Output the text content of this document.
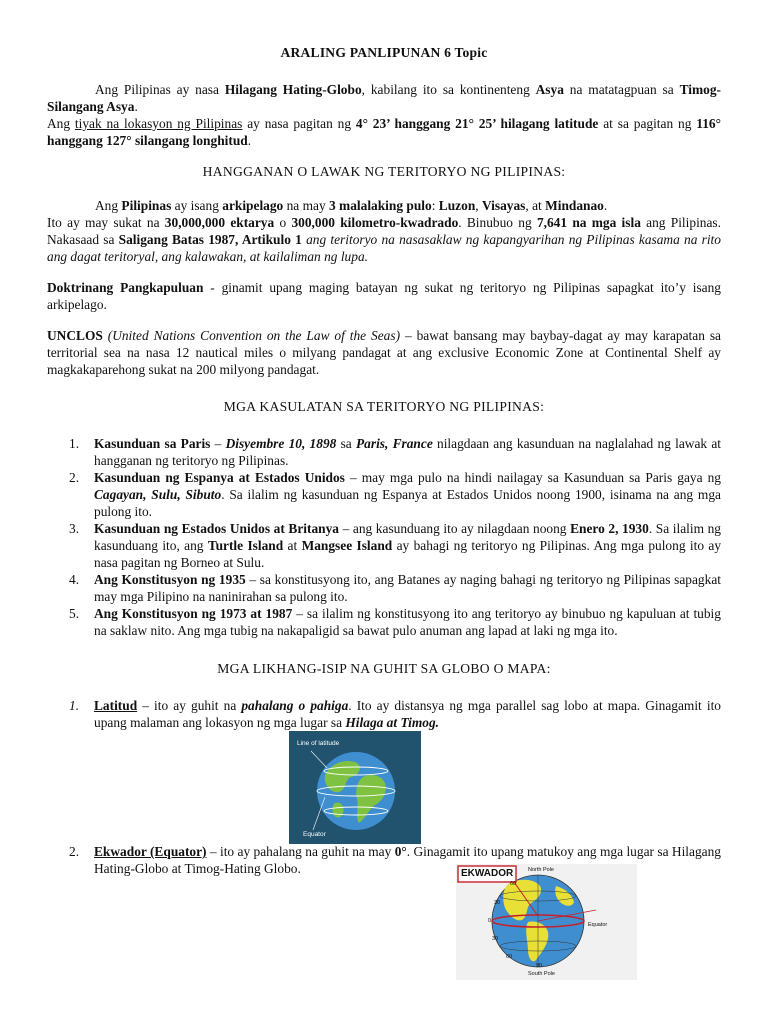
ARALING PANLIPUNAN 6 Topic

Ang Pilipinas ay nasa Hilagang Hating-Globo, kabilang ito sa kontinenteng Asya na matatagpuan sa Timog-Silangang Asya.

Ang tiyak na lokasyon ng Pilipinas ay nasa pagitan ng 4° 23’ hanggang 21° 25’ hilagang latitude at sa pagitan ng 116° hanggang 127° silangang longhitud.

HANGGANAN O LAWAK NG TERITORYO NG PILIPINAS:

Ang Pilipinas ay isang arkipelago na may 3 malalaking pulo: Luzon, Visayas, at Mindanao.

Ito ay may sukat na 30,000,000 ektarya o 300,000 kilometro-kwadrado. Binubuo ng 7,641 na mga isla ang Pilipinas. Nakasaad sa Saligang Batas 1987, Artikulo 1 ang teritoryo na nasasaklaw ng kapangyarihan ng Pilipinas kasama na rito ang dagat teritoryal, ang kalawakan, at kailaliman ng lupa.

Doktrinang Pangkapuluan - ginamit upang maging batayan ng sukat ng teritoryo ng Pilipinas sapagkat ito’y isang arkipelago.

UNCLOS (United Nations Convention on the Law of the Seas) – bawat bansang may baybay-dagat ay may karapatan sa territorial sea na nasa 12 nautical miles o milyang pandagat at ang exclusive Economic Zone at Continental Shelf ay magkakaparehong sukat na 200 milyong pandagat.

MGA KASULATAN SA TERITORYO NG PILIPINAS:
1. Kasunduan sa Paris – Disyembre 10, 1898 sa Paris, France nilagdaan ang kasunduan na naglalahad ng lawak at hangganan ng teritoryo ng Pilipinas.
2. Kasunduan ng Espanya at Estados Unidos – may mga pulo na hindi nailagay sa Kasunduan sa Paris gaya ng Cagayan, Sulu, Sibuto. Sa ilalim ng kasunduan ng Espanya at Estados Unidos noong 1900, isinama na ang mga pulong ito.
3. Kasunduan ng Estados Unidos at Britanya – ang kasunduang ito ay nilagdaan noong Enero 2, 1930. Sa ilalim ng kasunduang ito, ang Turtle Island at Mangsee Island ay bahagi ng teritoryo ng Pilipinas. Ang mga pulong ito ay nasa pagitan ng Borneo at Sulu.
4. Ang Konstitusyon ng 1935 – sa konstitusyong ito, ang Batanes ay naging bahagi ng teritoryo ng Pilipinas sapagkat may mga Pilipino na naninirahan sa pulong ito.
5. Ang Konstitusyon ng 1973 at 1987 – sa ilalim ng konstitusyong ito ang teritoryo ay binubuo ng kapuluan at tubig na saklaw nito. Ang mga tubig na nakapaligid sa bawat pulo anuman ang lapad at laki ng mga ito.
MGA LIKHANG-ISIP NA GUHIT SA GLOBO O MAPA:
1. Latitud – ito ay guhit na pahalang o pahiga. Ito ay distansya ng mga parallel sag lobo at mapa. Ginagamit ito upang malaman ang lokasyon ng mga lugar sa Hilaga at Timog.
Line of latitude
Equator
2. Ekwador (Equator) – ito ay pahalang na guhit na may 0°. Ginagamit ito upang matukoy ang mga lugar sa Hilagang Hating-Globo at Timog-Hating Globo.	EKWADOR	North Pole
South Pole
Equator
60
30
0
30
60
90
